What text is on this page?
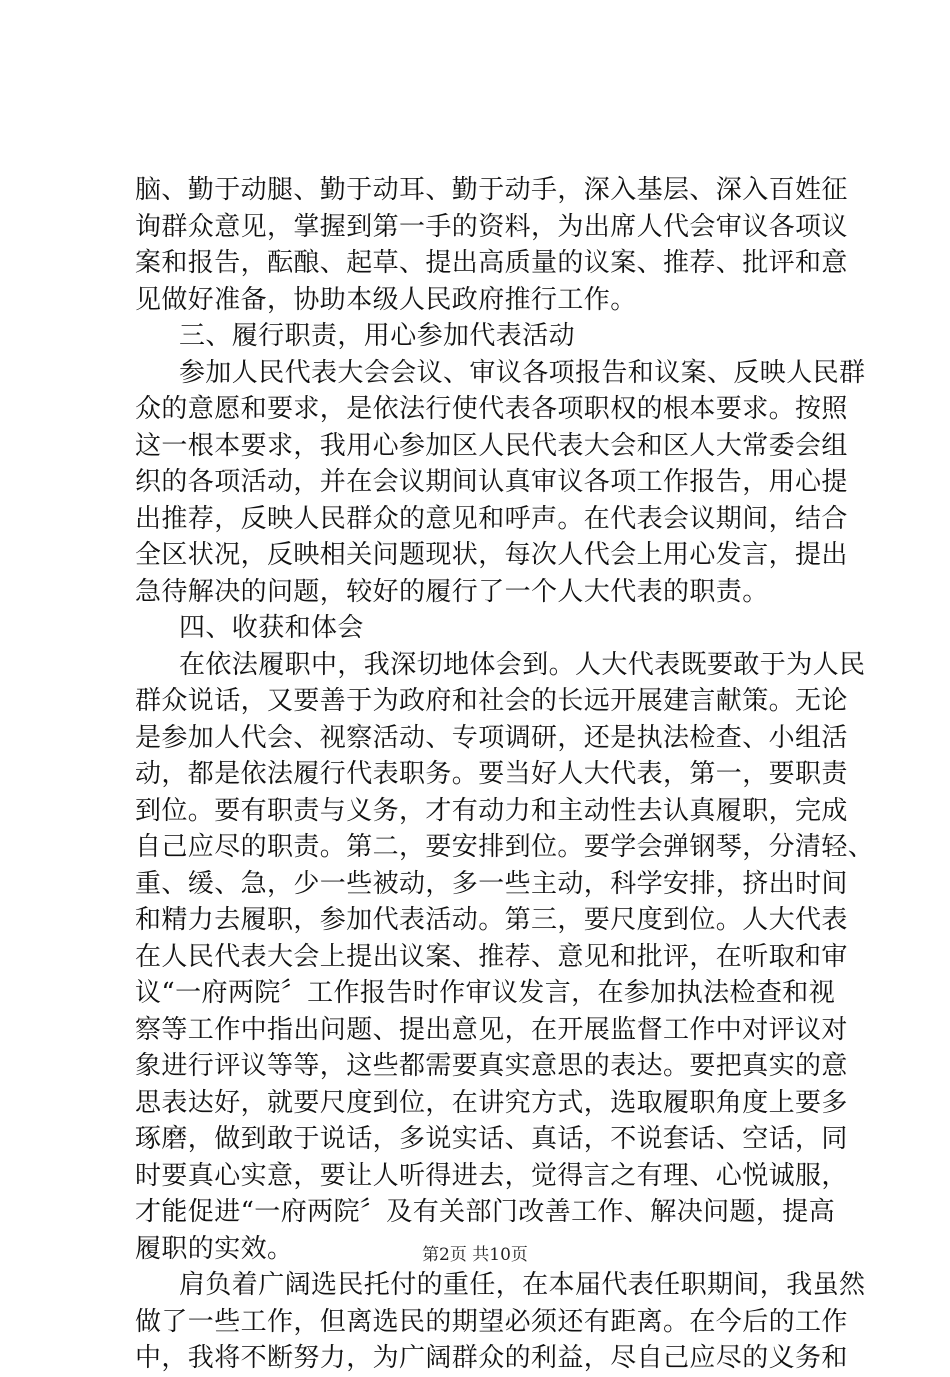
脑、勤于动腿、勤于动耳、勤于动手，深入基层、深入百姓征
询群众意见，掌握到第一手的资料，为出席人代会审议各项议
案和报告，酝酿、起草、提出高质量的议案、推荐、批评和意
见做好准备，协助本级人民政府推行工作。
三、履行职责，用心参加代表活动
参加人民代表大会会议、审议各项报告和议案、反映人民群
众的意愿和要求，是依法行使代表各项职权的根本要求。按照
这一根本要求，我用心参加区人民代表大会和区人大常委会组
织的各项活动，并在会议期间认真审议各项工作报告，用心提
出推荐，反映人民群众的意见和呼声。在代表会议期间，结合
全区状况，反映相关问题现状，每次人代会上用心发言，提出
急待解决的问题，较好的履行了一个人大代表的职责。
四、收获和体会
在依法履职中，我深切地体会到。人大代表既要敢于为人民
群众说话，又要善于为政府和社会的长远开展建言献策。无论
是参加人代会、视察活动、专项调研，还是执法检查、小组活
动，都是依法履行代表职务。要当好人大代表，第一，要职责
到位。要有职责与义务，才有动力和主动性去认真履职，完成
自己应尽的职责。第二，要安排到位。要学会弹钢琴，分清轻、
重、缓、急，少一些被动，多一些主动，科学安排，挤出时间
和精力去履职，参加代表活动。第三，要尺度到位。人大代表
在人民代表大会上提出议案、推荐、意见和批评，在听取和审
议“一府两院〞工作报告时作审议发言，在参加执法检查和视
察等工作中指出问题、提出意见，在开展监督工作中对评议对
象进行评议等等，这些都需要真实意思的表达。要把真实的意
思表达好，就要尺度到位，在讲究方式，选取履职角度上要多
琢磨，做到敢于说话，多说实话、真话，不说套话、空话，同
时要真心实意，要让人听得进去，觉得言之有理、心悦诚服，
才能促进“一府两院〞及有关部门改善工作、解决问题，提高
履职的实效。
肩负着广阔选民托付的重任，在本届代表任职期间，我虽然
做了一些工作，但离选民的期望必须还有距离。在今后的工作
中，我将不断努力，为广阔群众的利益，尽自己应尽的义务和
第2页 共10页
